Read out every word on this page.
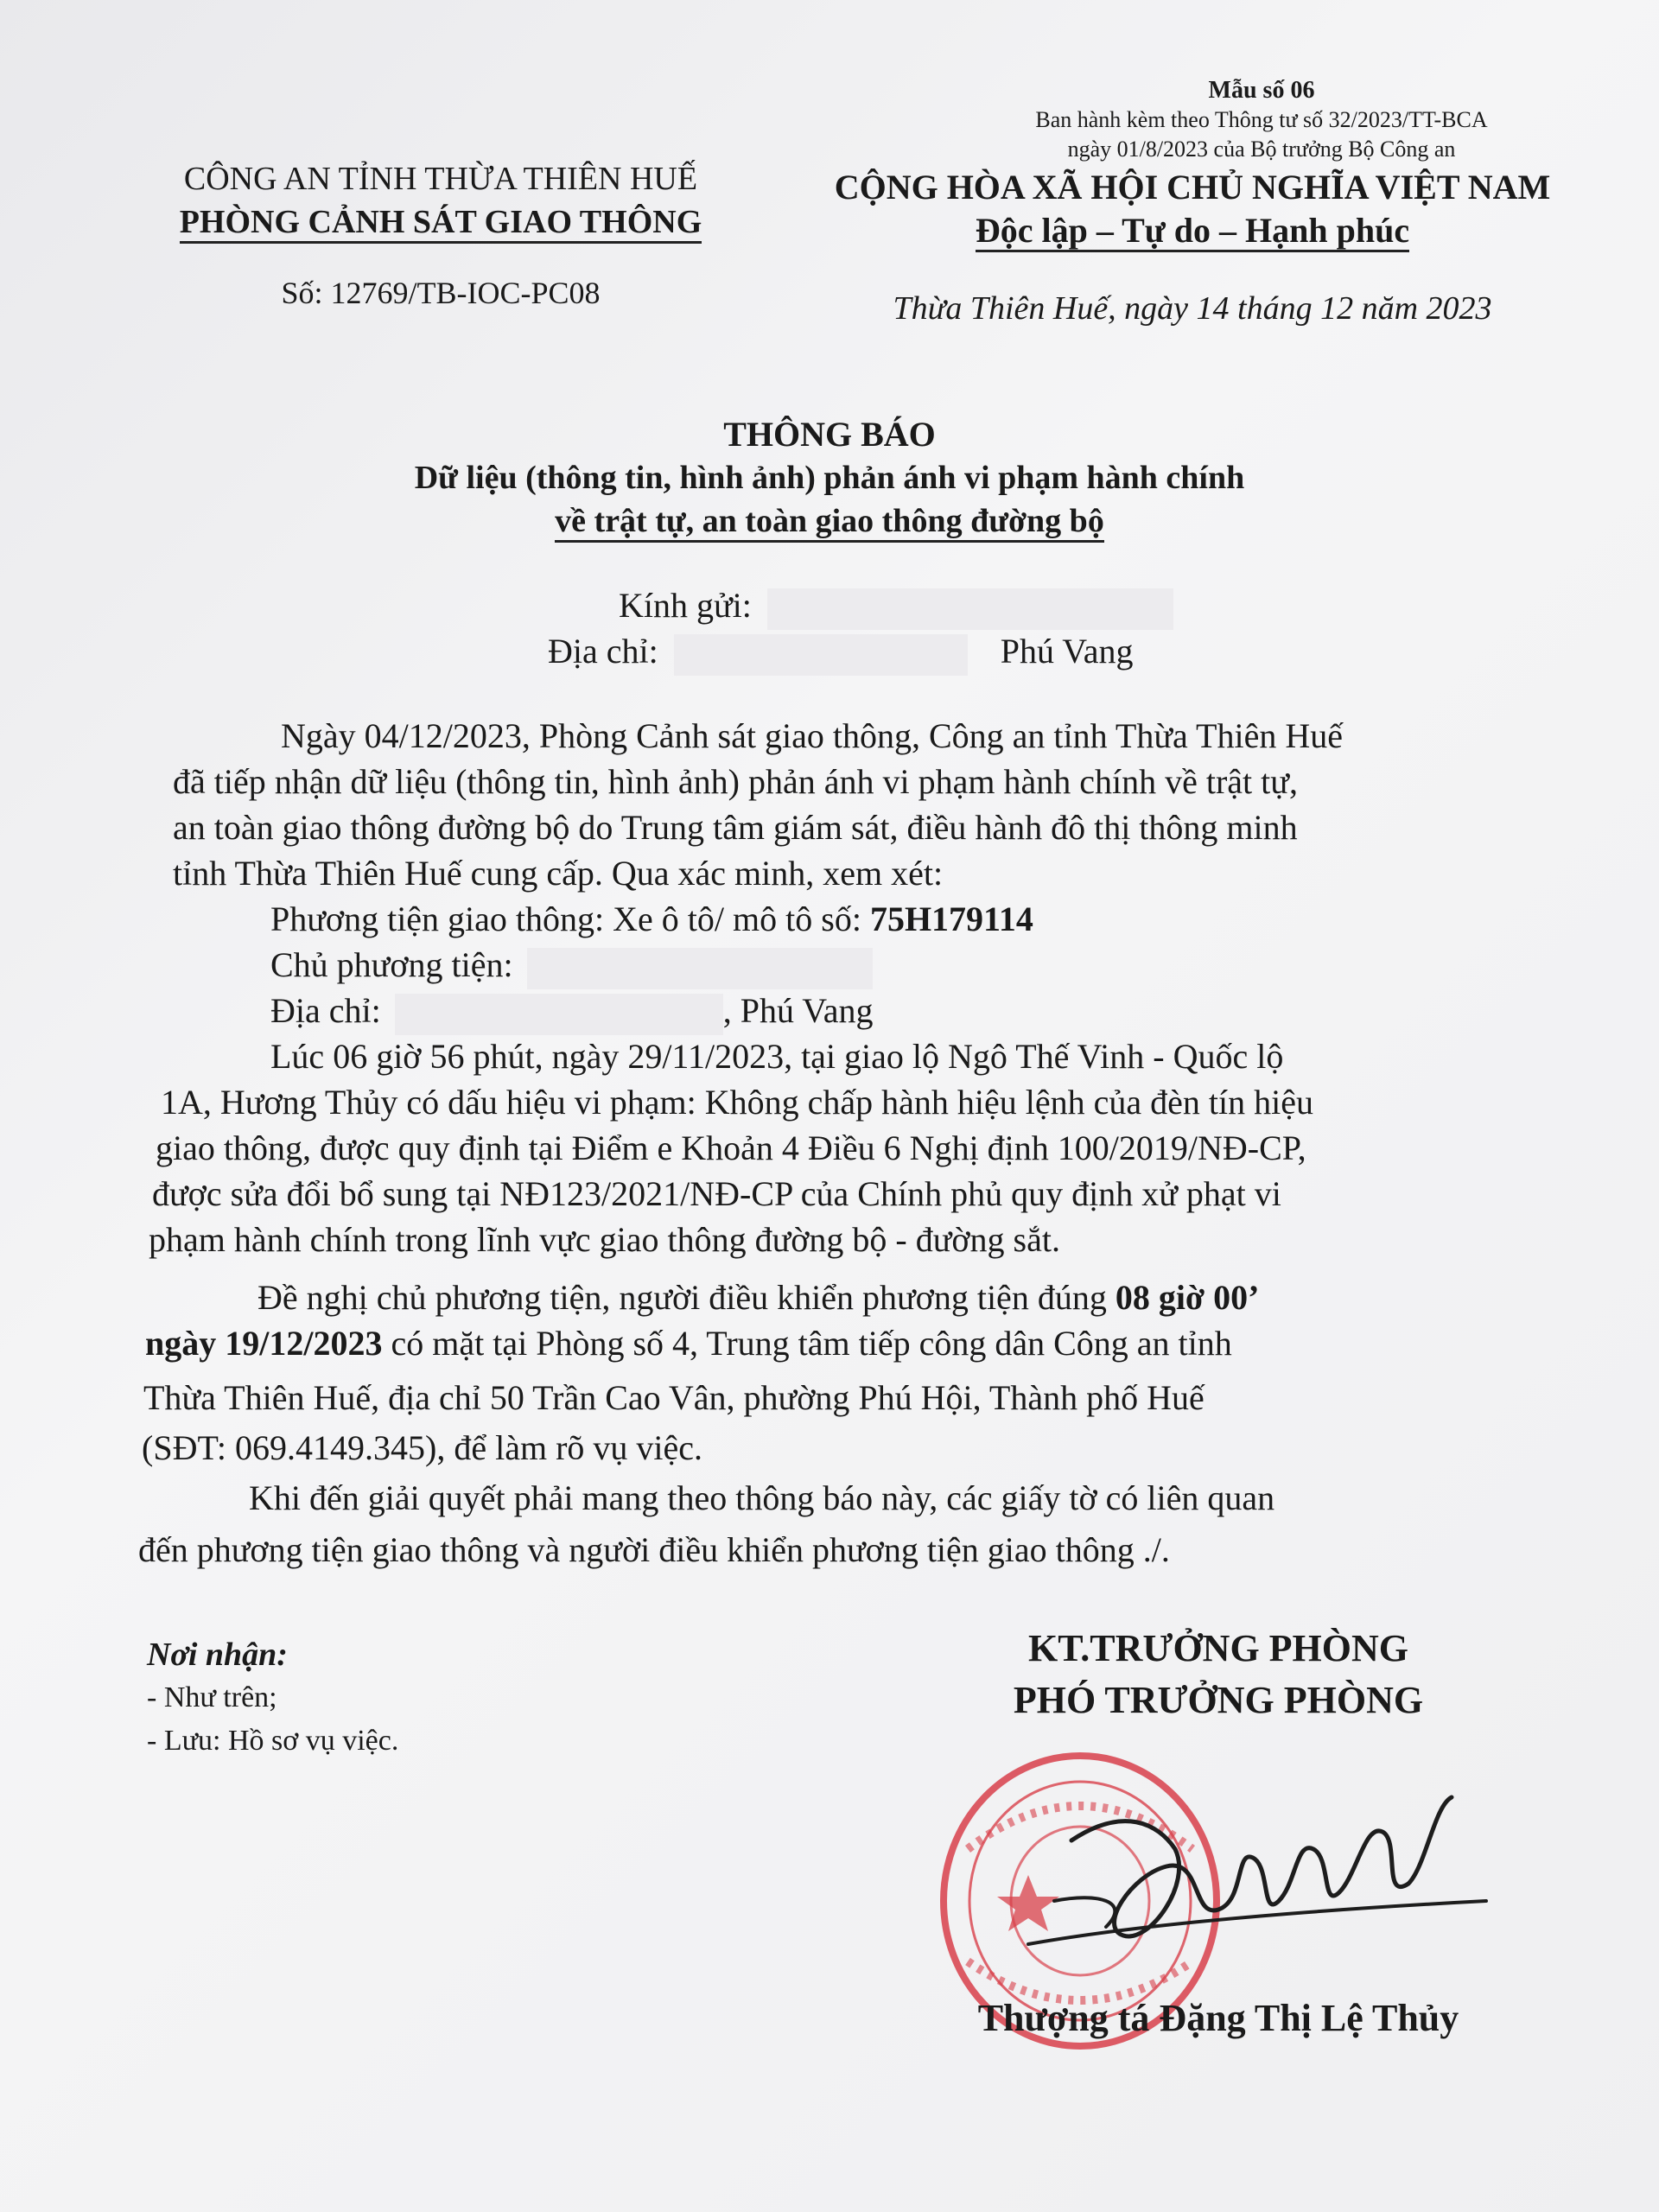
Mẫu số 06
Ban hành kèm theo Thông tư số 32/2023/TT-BCA
ngày 01/8/2023 của Bộ trưởng Bộ Công an
CÔNG AN TỈNH THỪA THIÊN HUẾ
PHÒNG CẢNH SÁT GIAO THÔNG
CỘNG HÒA XÃ HỘI CHỦ NGHĨA VIỆT NAM
Độc lập – Tự do – Hạnh phúc
Số: 12769/TB-IOC-PC08	Thừa Thiên Huế, ngày 14 tháng 12 năm 2023
THÔNG BÁO
Dữ liệu (thông tin, hình ảnh) phản ánh vi phạm hành chính
về trật tự, an toàn giao thông đường bộ
Kính gửi:
Địa chỉ:	Phú Vang
Ngày 04/12/2023, Phòng Cảnh sát giao thông, Công an tỉnh Thừa Thiên Huế
đã tiếp nhận dữ liệu (thông tin, hình ảnh) phản ánh vi phạm hành chính về trật tự,
an toàn giao thông đường bộ do Trung tâm giám sát, điều hành đô thị thông minh
tỉnh Thừa Thiên Huế cung cấp. Qua xác minh, xem xét:
Phương tiện giao thông: Xe ô tô/ mô tô số: 75H179114
Chủ phương tiện:
Địa chỉ:	, Phú Vang
Lúc 06 giờ 56 phút, ngày 29/11/2023, tại giao lộ Ngô Thế Vinh - Quốc lộ
1A, Hương Thủy có dấu hiệu vi phạm: Không chấp hành hiệu lệnh của đèn tín hiệu
giao thông, được quy định tại Điểm e Khoản 4 Điều 6 Nghị định 100/2019/NĐ-CP,
được sửa đổi bổ sung tại NĐ123/2021/NĐ-CP của Chính phủ quy định xử phạt vi
phạm hành chính trong lĩnh vực giao thông đường bộ - đường sắt.
Đề nghị chủ phương tiện, người điều khiển phương tiện đúng 08 giờ 00’
ngày 19/12/2023 có mặt tại Phòng số 4, Trung tâm tiếp công dân Công an tỉnh
Thừa Thiên Huế, địa chỉ 50 Trần Cao Vân, phường Phú Hội, Thành phố Huế
(SĐT: 069.4149.345), để làm rõ vụ việc.
Khi đến giải quyết phải mang theo thông báo này, các giấy tờ có liên quan
đến phương tiện giao thông và người điều khiển phương tiện giao thông ./.
Nơi nhận:
- Như trên;
- Lưu: Hồ sơ vụ việc.
KT.TRƯỞNG PHÒNG
PHÓ TRƯỞNG PHÒNG
Thượng tá Đặng Thị Lệ Thủy
